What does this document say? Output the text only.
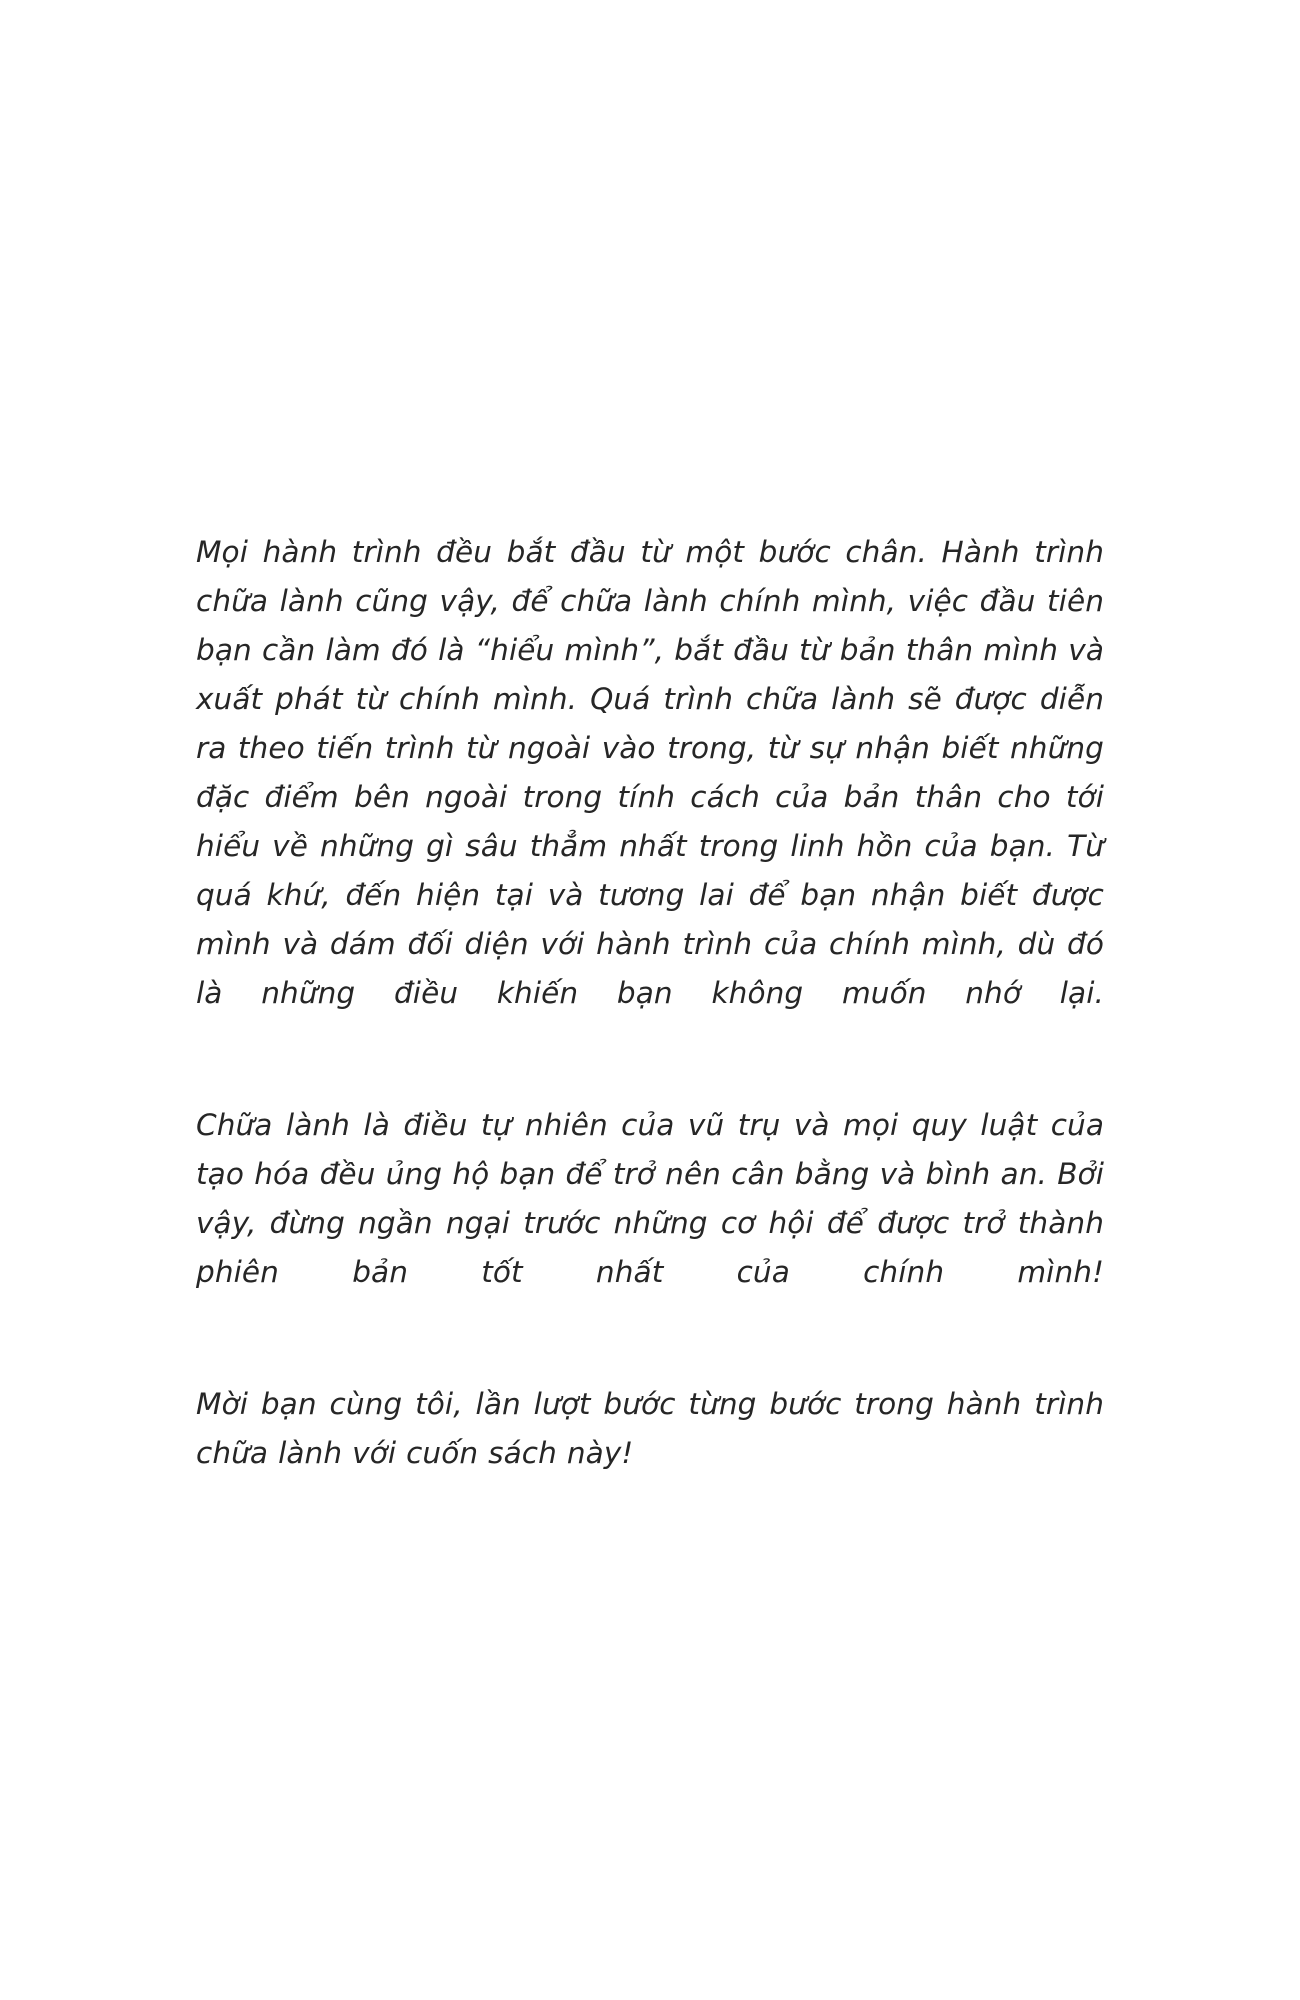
Mọi hành trình đều bắt đầu từ một bước chân. Hành trình chữa lành cũng vậy, để chữa lành chính mình, việc đầu tiên bạn cần làm đó là “hiểu mình”, bắt đầu từ bản thân mình và xuất phát từ chính mình. Quá trình chữa lành sẽ được diễn ra theo tiến trình từ ngoài vào trong, từ sự nhận biết những đặc điểm bên ngoài trong tính cách của bản thân cho tới hiểu về những gì sâu thẳm nhất trong linh hồn của bạn. Từ quá khứ, đến hiện tại và tương lai để bạn nhận biết được mình và dám đối diện với hành trình của chính mình, dù đó là những điều khiến bạn không muốn nhớ lại.

Chữa lành là điều tự nhiên của vũ trụ và mọi quy luật của tạo hóa đều ủng hộ bạn để trở nên cân bằng và bình an. Bởi vậy, đừng ngần ngại trước những cơ hội để được trở thành phiên bản tốt nhất của chính mình!

Mời bạn cùng tôi, lần lượt bước từng bước trong hành trình chữa lành với cuốn sách này!
